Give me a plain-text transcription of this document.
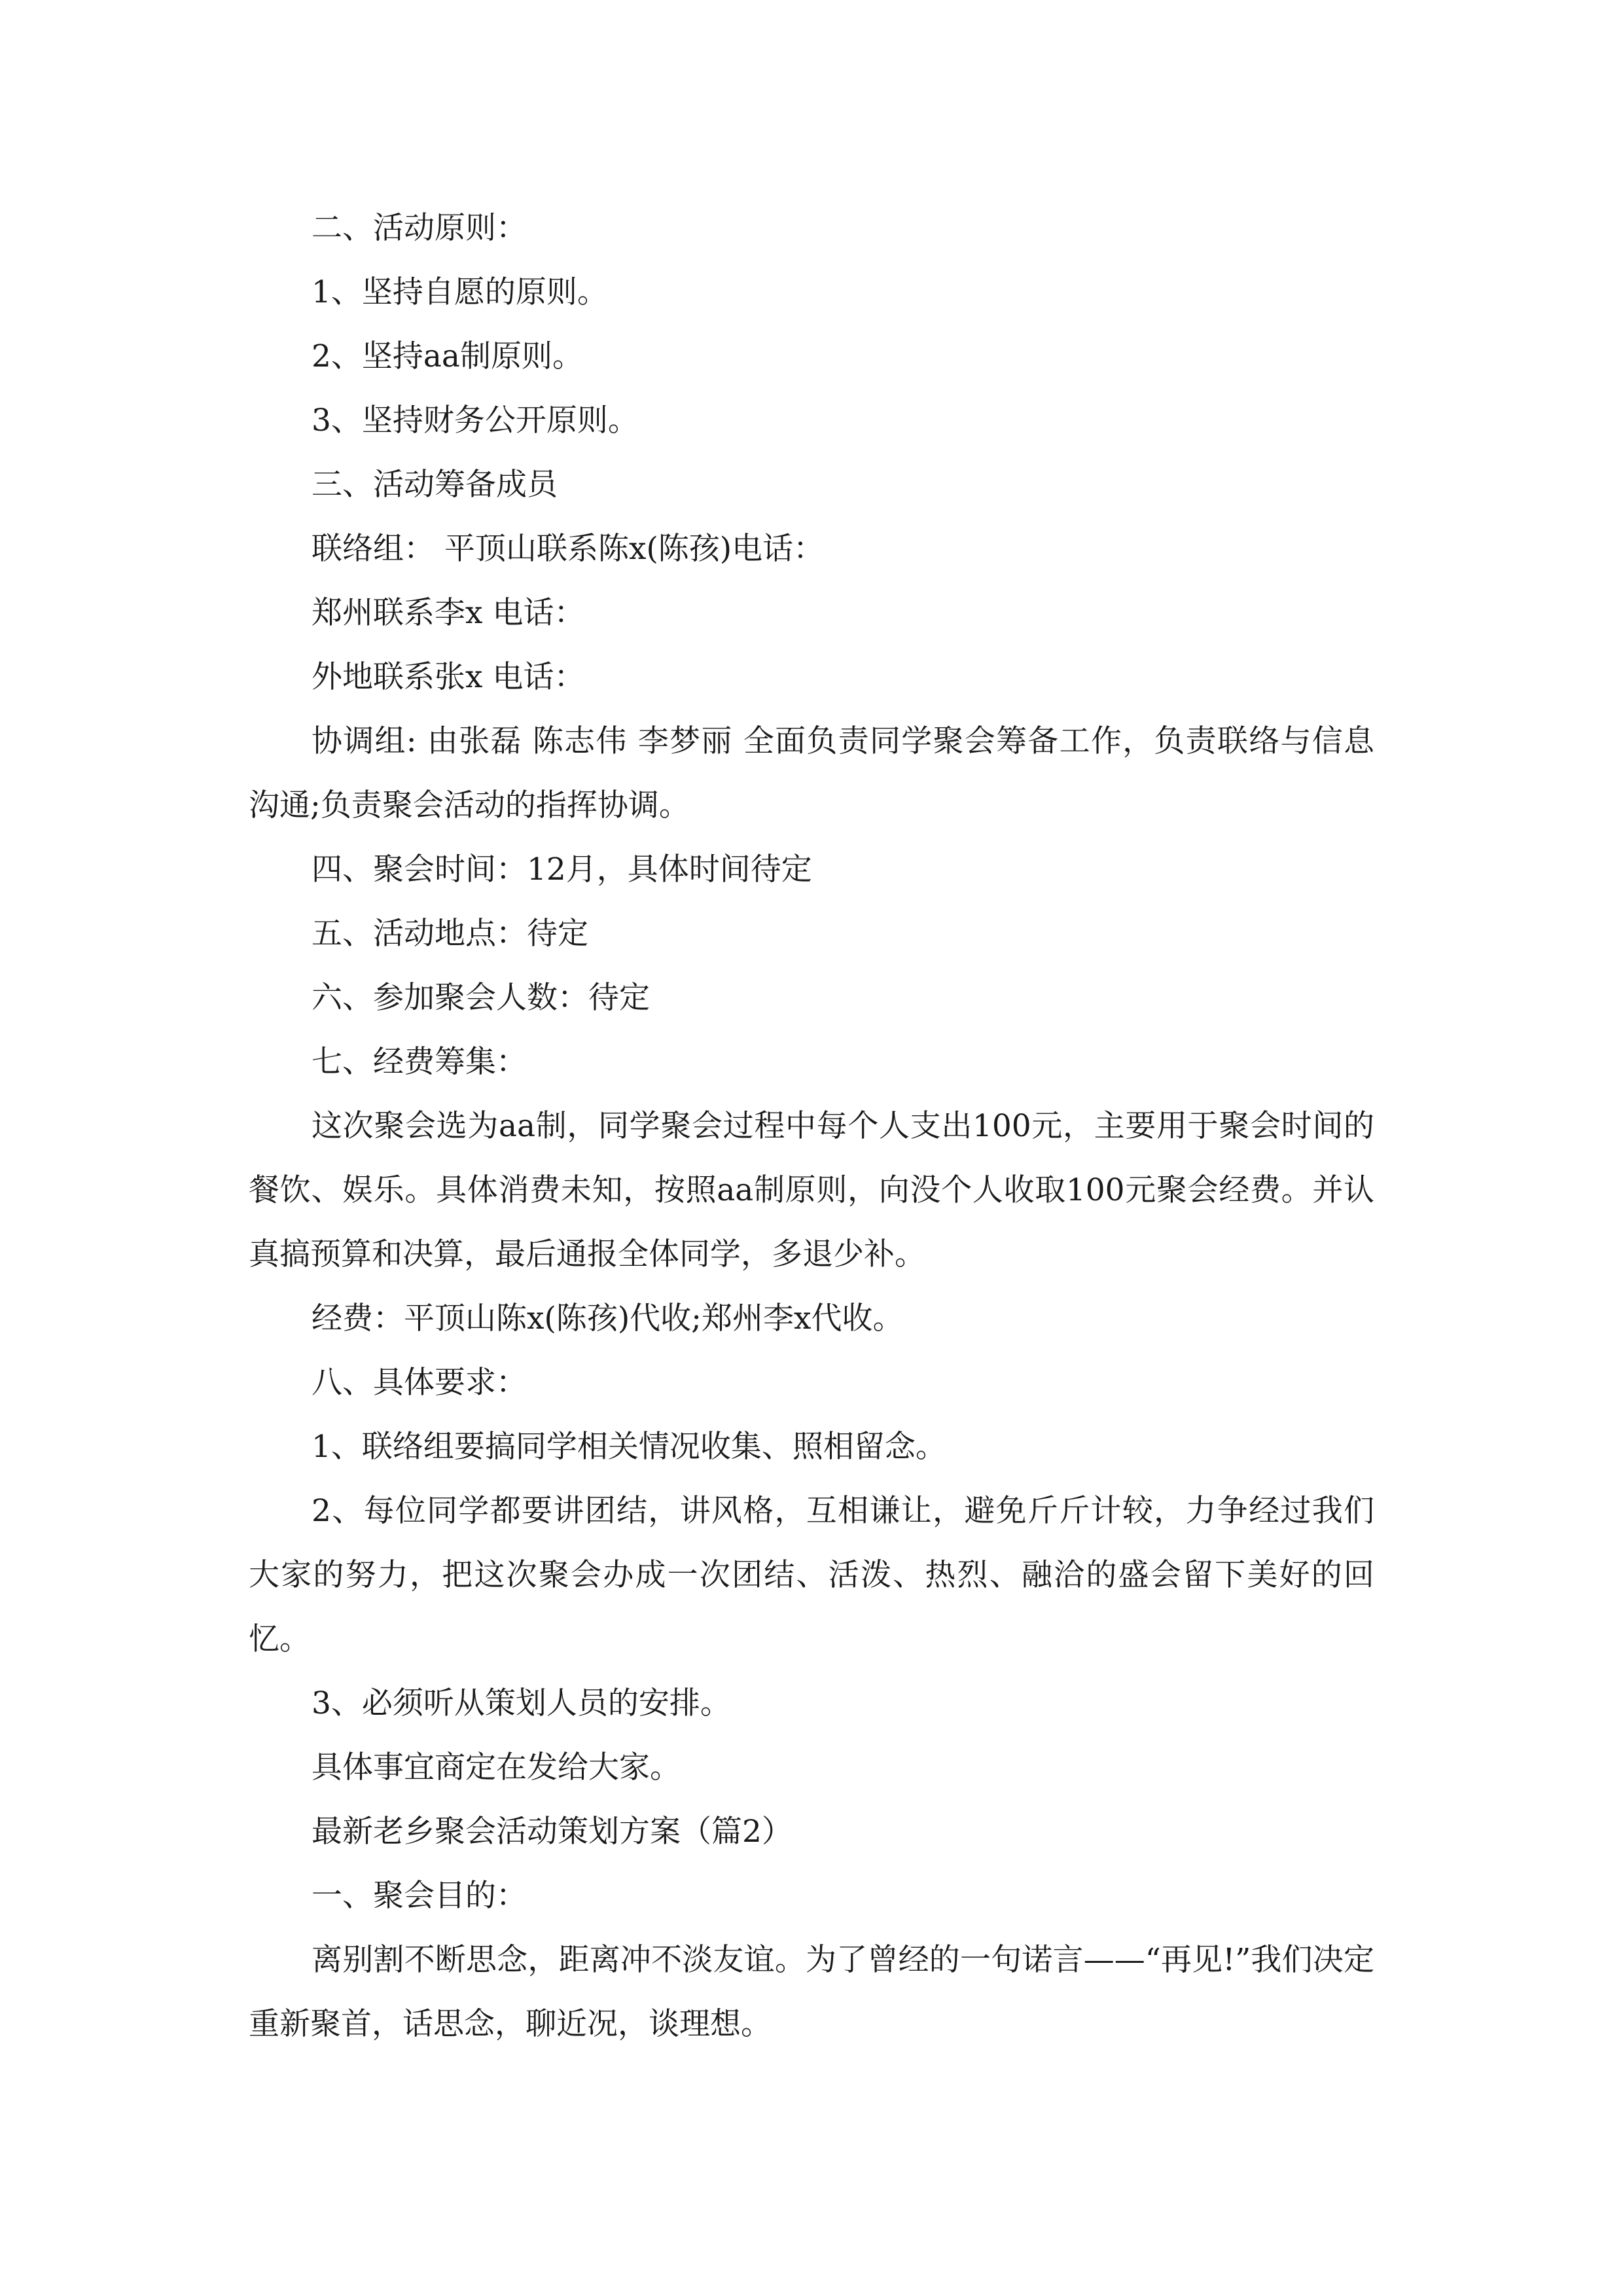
二、活动原则：

1、坚持自愿的原则。

2、坚持aa制原则。

3、坚持财务公开原则。

三、活动筹备成员

联络组： 平顶山联系陈x(陈孩)电话：

郑州联系李x 电话：

外地联系张x 电话：

协调组: 由张磊 陈志伟 李梦丽 全面负责同学聚会筹备工作，负责联络与信息沟通;负责聚会活动的指挥协调。

四、聚会时间：12月，具体时间待定

五、活动地点：待定

六、参加聚会人数：待定

七、经费筹集：

这次聚会选为aa制，同学聚会过程中每个人支出100元，主要用于聚会时间的餐饮、娱乐。具体消费未知，按照aa制原则，向没个人收取100元聚会经费。并认真搞预算和决算，最后通报全体同学，多退少补。

经费：平顶山陈x(陈孩)代收;郑州李x代收。

八、具体要求：

1、联络组要搞同学相关情况收集、照相留念。

2、每位同学都要讲团结，讲风格，互相谦让，避免斤斤计较，力争经过我们大家的努力，把这次聚会办成一次团结、活泼、热烈、融洽的盛会留下美好的回忆。

3、必须听从策划人员的安排。

具体事宜商定在发给大家。

最新老乡聚会活动策划方案（篇2）

一、聚会目的：

离别割不断思念，距离冲不淡友谊。为了曾经的一句诺言——“再见!”我们决定重新聚首，话思念，聊近况，谈理想。
